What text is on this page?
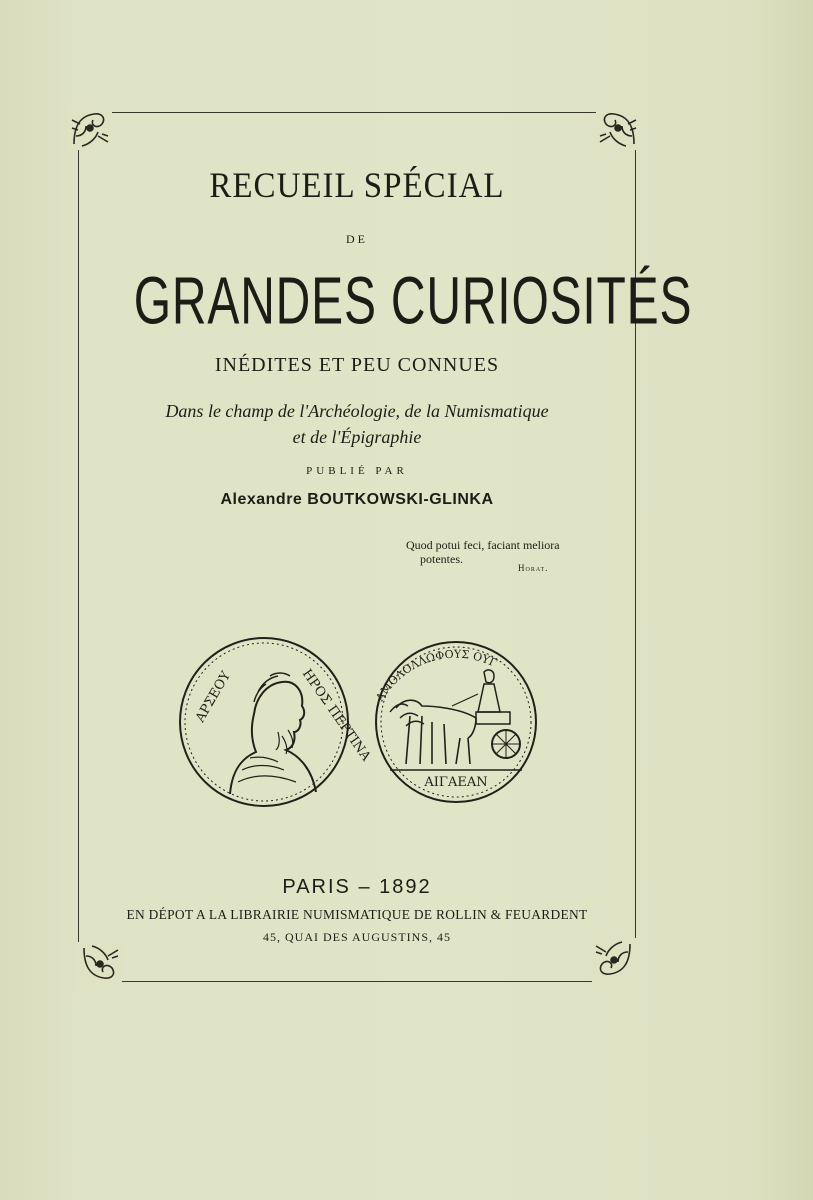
RECUEIL SPÉCIAL
DE
GRANDES CURIOSITÉS
INÉDITES ET PEU CONNUES
Dans le champ de l'Archéologie, de la Numismatique
et de l'Épigraphie
PUBLIÉ PAR
Alexandre BOUTKOWSKI-GLINKA
Quod potui feci, faciant meliora
potentes.
Horat.
ΑΡΣΕΟΥ	ΗΡΟΣ ΠΕΡΤΙΝΑ ΑΜΟΛΟΛΛΩΦΟΥΣ ΟΥΓ
ΑΙΓΑΕΑΝ
PARIS – 1892
EN DÉPOT A LA LIBRAIRIE NUMISMATIQUE DE ROLLIN & FEUARDENT
45, QUAI DES AUGUSTINS, 45
